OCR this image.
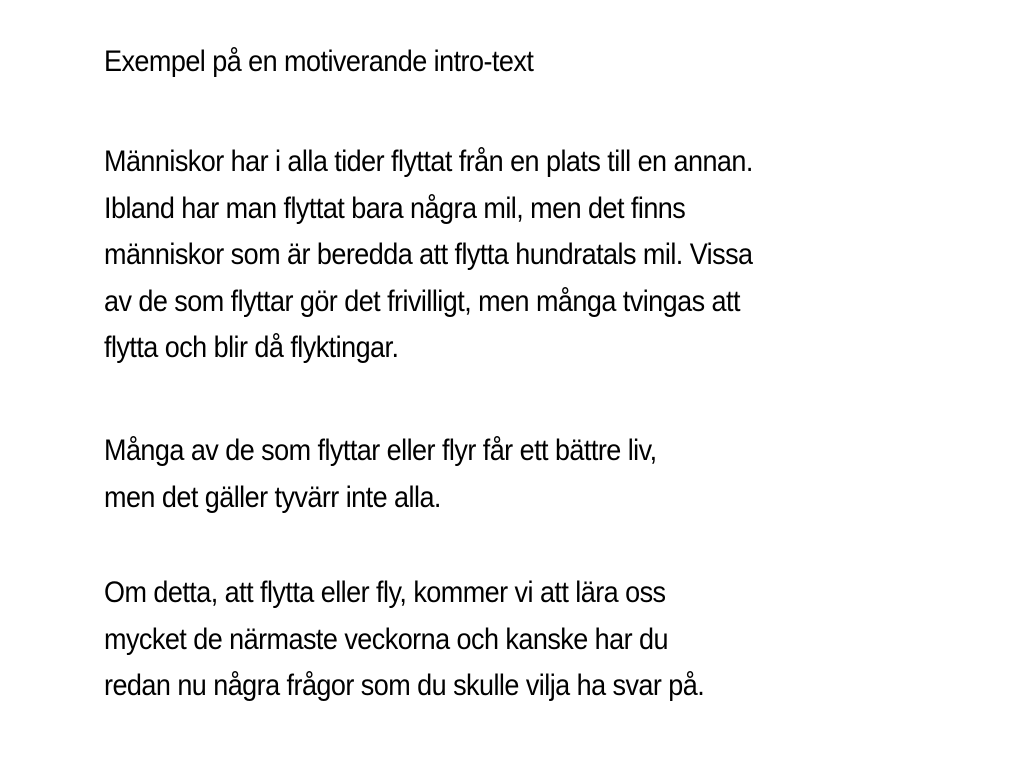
Exempel på en motiverande intro-text
Människor har i alla tider flyttat från en plats till en annan.
Ibland har man flyttat bara några mil, men det finns
människor som är beredda att flytta hundratals mil. Vissa
av de som flyttar gör det frivilligt, men många tvingas att
flytta och blir då flyktingar.
Många av de som flyttar eller flyr får ett bättre liv,
men det gäller tyvärr inte alla.
Om detta, att flytta eller fly, kommer vi att lära oss
mycket de närmaste veckorna och kanske har du
redan nu några frågor som du skulle vilja ha svar på.
